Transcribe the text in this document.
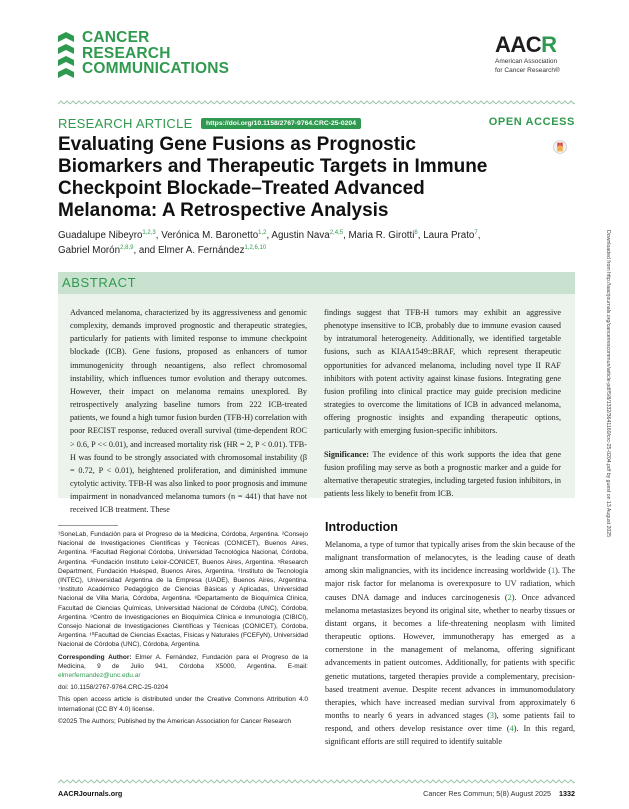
CANCER
RESEARCH
COMMUNICATIONS
AACR
American Association
for Cancer Research®
RESEARCH ARTICLE	https://doi.org/10.1158/2767-9764.CRC-25-0204	OPEN ACCESS
Evaluating Gene Fusions as Prognostic
Biomarkers and Therapeutic Targets in Immune
Checkpoint Blockade–Treated Advanced
Melanoma: A Retrospective Analysis
Guadalupe Nibeyro$^{1,2,3}$, Verónica M. Baronetto$^{1,2}$, Agustin Nava$^{2,4,5}$, Maria R. Girotti$^6$, Laura Prato$^7$,
Gabriel Morón$^{2,8,9}$, and Elmer A. Fernández$^{1,2,6,10}$
ABSTRACT

Advanced melanoma, characterized by its aggressiveness and genomic complexity, demands improved prognostic and therapeutic strategies, particularly for patients with limited response to immune checkpoint blockade (ICB). Gene fusions, proposed as enhancers of tumor immunogenicity through neoantigens, also reflect chromosomal instability, which influences tumor evolution and therapy outcomes. However, their impact on melanoma remains unexplored. By retrospectively analyzing baseline tumors from 222 ICB-treated patients, we found a high tumor fusion burden (TFB-H) correlation with poor RECIST response, reduced overall survival (time-dependent ROC > 0.6, P << 0.01), and increased mortality risk (HR = 2, P < 0.01). TFB-H was found to be strongly associated with chromosomal instability (β = 0.72, P < 0.01), heightened proliferation, and diminished immune cytolytic activity. TFB-H was also linked to poor prognosis and immune impairment in nonadvanced melanoma tumors (n = 441) that have not received ICB treatment. These

findings suggest that TFB-H tumors may exhibit an aggressive phenotype insensitive to ICB, probably due to immune evasion caused by intratumoral heterogeneity. Additionally, we identified targetable fusions, such as KIAA1549::BRAF, which represent therapeutic opportunities for advanced melanoma, including novel type II RAF inhibitors with potent activity against kinase fusions. Integrating gene fusion profiling into clinical practice may guide precision medicine strategies to overcome the limitations of ICB in advanced melanoma, offering prognostic insights and expanding therapeutic options, particularly with emerging fusion-specific inhibitors.

Significance: The evidence of this work supports the idea that gene fusion profiling may serve as both a prognostic marker and a guide for alternative therapeutic strategies, including targeted fusion inhibitors, in patients less likely to benefit from ICB.	Downloaded from http://aacrjournals.org/cancerrescommun/article-pdf/5/8/1332/3641160/crc-25-0204.pdf by guest on 13 August 2025

¹SoneLab, Fundación para el Progreso de la Medicina, Córdoba, Argentina. ²Consejo Nacional de Investigaciones Científicas y Técnicas (CONICET), Buenos Aires, Argentina. ³Facultad Regional Córdoba, Universidad Tecnológica Nacional, Córdoba, Argentina. ⁴Fundación Instituto Leloir-CONICET, Buenos Aires, Argentina. ⁵Research Department, Fundación Huésped, Buenos Aires, Argentina. ⁶Instituto de Tecnología (INTEC), Universidad Argentina de la Empresa (UADE), Buenos Aires, Argentina. ⁷Instituto Académico Pedagógico de Ciencias Básicas y Aplicadas, Universidad Nacional de Villa María, Córdoba, Argentina. ⁸Departamento de Bioquímica Clínica, Facultad de Ciencias Químicas, Universidad Nacional de Córdoba (UNC), Córdoba, Argentina. ⁹Centro de Investigaciones en Bioquímica Clínica e Inmunología (CIBICI), Consejo Nacional de Investigaciones Científicas y Técnicas (CONICET), Córdoba, Argentina. ¹⁰Facultad de Ciencias Exactas, Físicas y Naturales (FCEFyN), Universidad Nacional de Córdoba (UNC), Córdoba, Argentina.

Corresponding Author: Elmer A. Fernández, Fundación para el Progreso de la Medicina, 9 de Julio 941, Córdoba X5000, Argentina. E-mail: elmerfernandez@unc.edu.ar

doi: 10.1158/2767-9764.CRC-25-0204

This open access article is distributed under the Creative Commons Attribution 4.0 International (CC BY 4.0) license.

©2025 The Authors; Published by the American Association for Cancer Research

Introduction
Melanoma, a type of tumor that typically arises from the skin because of the malignant transformation of melanocytes, is the leading cause of death among skin malignancies, with its incidence increasing worldwide (1). The major risk factor for melanoma is overexposure to UV radiation, which causes DNA damage and induces carcinogenesis (2). Once advanced melanoma metastasizes beyond its original site, whether to nearby tissues or distant organs, it becomes a life-threatening neoplasm with limited therapeutic options. However, immunotherapy has emerged as a cornerstone in the management of melanoma, offering significant advancements in patient outcomes. Additionally, for patients with specific genetic mutations, targeted therapies provide a complementary, precision-based treatment avenue. Despite recent advances in immunomodulatory therapies, which have increased median survival from approximately 6 months to nearly 6 years in advanced stages (3), some patients fail to respond, and others develop resistance over time (4). In this regard, significant efforts are still required to identify suitable
AACRJournals.org	Cancer Res Commun; 5(8) August 2025 1332
